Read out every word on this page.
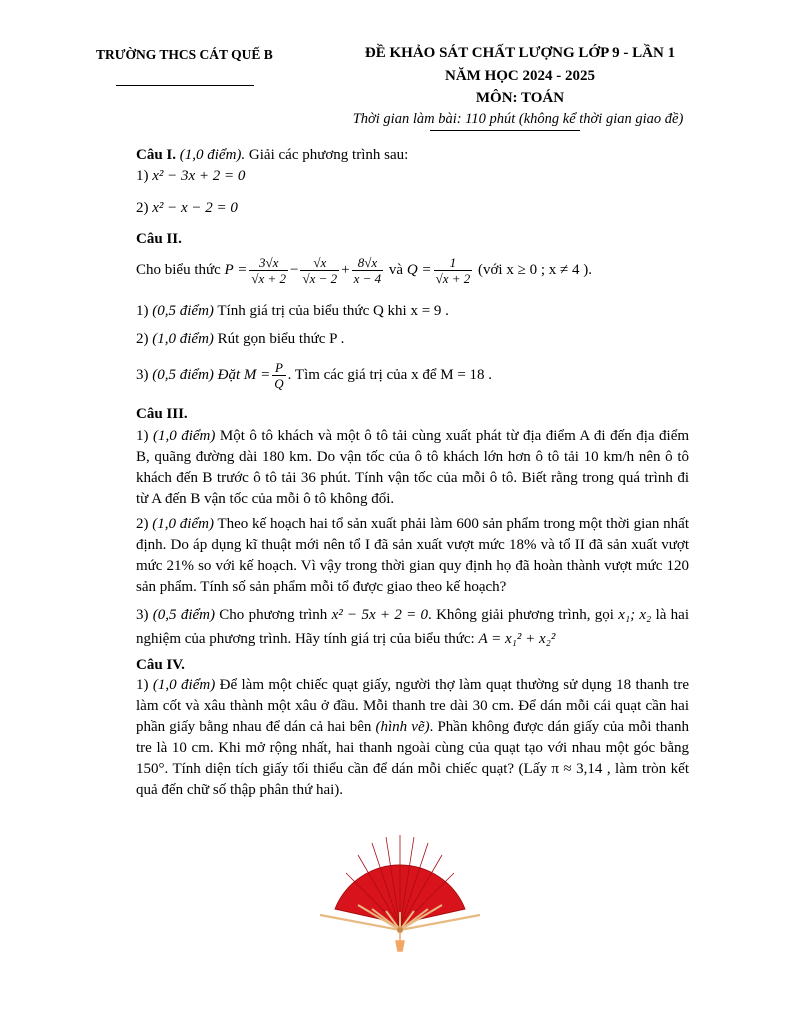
TRƯỜNG THCS CÁT QUẾ B	ĐỀ KHẢO SÁT CHẤT LƯỢNG LỚP 9 - LẦN 1
NĂM HỌC 2024 - 2025
MÔN: TOÁN
Thời gian làm bài: 110 phút (không kể thời gian giao đề)
Câu I. (1,0 điểm). Giải các phương trình sau:
1) x² − 3x + 2 = 0
2) x² − x − 2 = 0
Câu II.
Cho biểu thức $P = \frac{3√x}{√x + 2} - \frac{√x}{√x - 2} + \frac{8√x}{x - 4}$ và $Q = \frac{1}{√x + 2}$ (với x ≥ 0 ; x ≠ 4 ).
1) (0,5 điểm) Tính giá trị của biểu thức Q khi x = 9 .
2) (1,0 điểm) Rút gọn biểu thức P .
3) (0,5 điểm) Đặt $M = \frac{P}{Q}$ . Tìm các giá trị của x để M = 18 .
Câu III.
1) (1,0 điểm) Một ô tô khách và một ô tô tải cùng xuất phát từ địa điểm A đi đến địa điểm B, quãng đường dài 180 km. Do vận tốc của ô tô khách lớn hơn ô tô tải 10 km/h nên ô tô khách đến B trước ô tô tải 36 phút. Tính vận tốc của mỗi ô tô. Biết rằng trong quá trình đi từ A đến B vận tốc của mỗi ô tô không đổi.
2) (1,0 điểm) Theo kế hoạch hai tổ sản xuất phải làm 600 sản phẩm trong một thời gian nhất định. Do áp dụng kĩ thuật mới nên tổ I đã sản xuất vượt mức 18% và tổ II đã sản xuất vượt mức 21% so với kế hoạch. Vì vậy trong thời gian quy định họ đã hoàn thành vượt mức 120 sản phẩm. Tính số sản phẩm mỗi tổ được giao theo kế hoạch?
3) (0,5 điểm) Cho phương trình x² − 5x + 2 = 0. Không giải phương trình, gọi x₁; x₂ là hai nghiệm của phương trình. Hãy tính giá trị của biểu thức: A = x₁² + x₂²
Câu IV.
1) (1,0 điểm) Để làm một chiếc quạt giấy, người thợ làm quạt thường sử dụng 18 thanh tre làm cốt và xâu thành một xâu ở đầu. Mỗi thanh tre dài 30 cm. Để dán mỗi cái quạt cần hai phần giấy bằng nhau để dán cả hai bên (hình vẽ). Phần không được dán giấy của mỗi thanh tre là 10 cm. Khi mở rộng nhất, hai thanh ngoài cùng của quạt tạo với nhau một góc bằng 150°. Tính diện tích giấy tối thiểu cần để dán mỗi chiếc quạt? (Lấy π ≈ 3,14 , làm tròn kết quả đến chữ số thập phân thứ hai).
